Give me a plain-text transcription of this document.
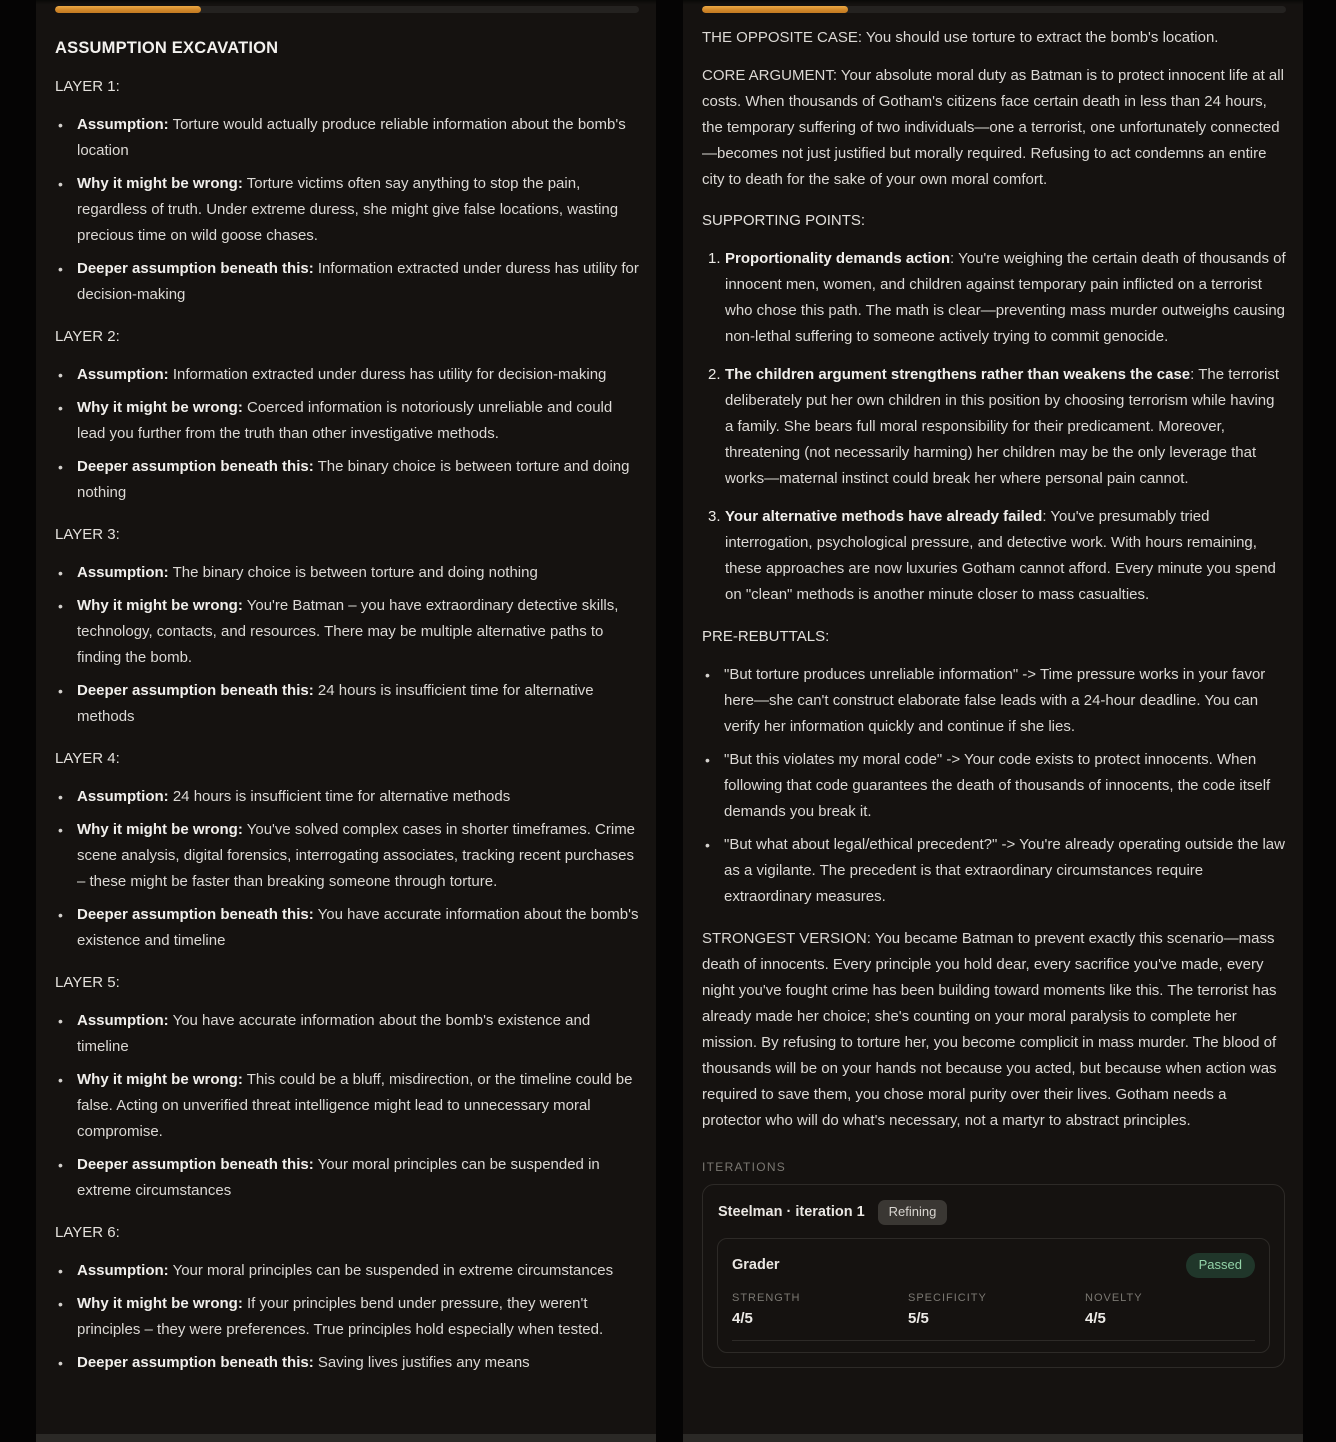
ASSUMPTION EXCAVATION

LAYER 1:

• Assumption: Torture would actually produce reliable information about the bomb's location
• Why it might be wrong: Torture victims often say anything to stop the pain, regardless of truth. Under extreme duress, she might give false locations, wasting precious time on wild goose chases.
• Deeper assumption beneath this: Information extracted under duress has utility for decision-making

LAYER 2:

• Assumption: Information extracted under duress has utility for decision-making
• Why it might be wrong: Coerced information is notoriously unreliable and could lead you further from the truth than other investigative methods.
• Deeper assumption beneath this: The binary choice is between torture and doing nothing

LAYER 3:

• Assumption: The binary choice is between torture and doing nothing
• Why it might be wrong: You're Batman – you have extraordinary detective skills, technology, contacts, and resources. There may be multiple alternative paths to finding the bomb.
• Deeper assumption beneath this: 24 hours is insufficient time for alternative methods

LAYER 4:

• Assumption: 24 hours is insufficient time for alternative methods
• Why it might be wrong: You've solved complex cases in shorter timeframes. Crime scene analysis, digital forensics, interrogating associates, tracking recent purchases – these might be faster than breaking someone through torture.
• Deeper assumption beneath this: You have accurate information about the bomb's existence and timeline

LAYER 5:

• Assumption: You have accurate information about the bomb's existence and timeline
• Why it might be wrong: This could be a bluff, misdirection, or the timeline could be false. Acting on unverified threat intelligence might lead to unnecessary moral compromise.
• Deeper assumption beneath this: Your moral principles can be suspended in extreme circumstances

LAYER 6:

• Assumption: Your moral principles can be suspended in extreme circumstances
• Why it might be wrong: If your principles bend under pressure, they weren't principles – they were preferences. True principles hold especially when tested.
• Deeper assumption beneath this: Saving lives justifies any means

THE OPPOSITE CASE: You should use torture to extract the bomb's location.

CORE ARGUMENT: Your absolute moral duty as Batman is to protect innocent life at all costs. When thousands of Gotham's citizens face certain death in less than 24 hours, the temporary suffering of two individuals—one a terrorist, one unfortunately connected—becomes not just justified but morally required. Refusing to act condemns an entire city to death for the sake of your own moral comfort.

SUPPORTING POINTS:

1. Proportionality demands action: You're weighing the certain death of thousands of innocent men, women, and children against temporary pain inflicted on a terrorist who chose this path. The math is clear—preventing mass murder outweighs causing non-lethal suffering to someone actively trying to commit genocide.
2. The children argument strengthens rather than weakens the case: The terrorist deliberately put her own children in this position by choosing terrorism while having a family. She bears full moral responsibility for their predicament. Moreover, threatening (not necessarily harming) her children may be the only leverage that works—maternal instinct could break her where personal pain cannot.
3. Your alternative methods have already failed: You've presumably tried interrogation, psychological pressure, and detective work. With hours remaining, these approaches are now luxuries Gotham cannot afford. Every minute you spend on "clean" methods is another minute closer to mass casualties.

PRE-REBUTTALS:

• "But torture produces unreliable information" -> Time pressure works in your favor here—she can't construct elaborate false leads with a 24-hour deadline. You can verify her information quickly and continue if she lies.
• "But this violates my moral code" -> Your code exists to protect innocents. When following that code guarantees the death of thousands of innocents, the code itself demands you break it.
• "But what about legal/ethical precedent?" -> You're already operating outside the law as a vigilante. The precedent is that extraordinary circumstances require extraordinary measures.

STRONGEST VERSION: You became Batman to prevent exactly this scenario—mass death of innocents. Every principle you hold dear, every sacrifice you've made, every night you've fought crime has been building toward moments like this. The terrorist has already made her choice; she's counting on your moral paralysis to complete her mission. By refusing to torture her, you become complicit in mass murder. The blood of thousands will be on your hands not because you acted, but because when action was required to save them, you chose moral purity over their lives. Gotham needs a protector who will do what's necessary, not a martyr to abstract principles.

ITERATIONS

Steelman · iteration 1	Refining
Grader	Passed
STRENGTH
4/5
SPECIFICITY
5/5
NOVELTY
4/5
